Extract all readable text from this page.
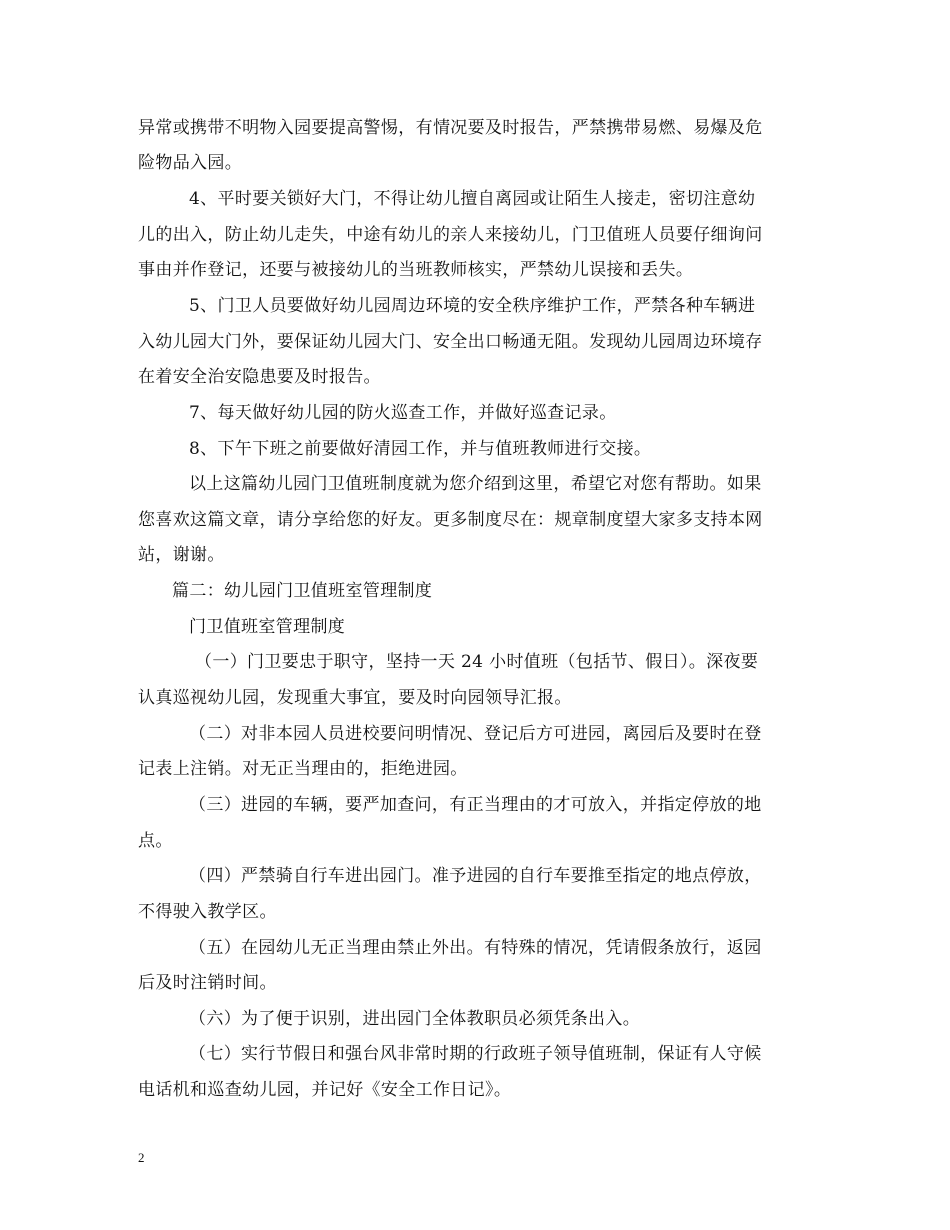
异常或携带不明物入园要提高警惕，有情况要及时报告，严禁携带易燃、易爆及危
险物品入园。
4、平时要关锁好大门，不得让幼儿擅自离园或让陌生人接走，密切注意幼
儿的出入，防止幼儿走失，中途有幼儿的亲人来接幼儿，门卫值班人员要仔细询问
事由并作登记，还要与被接幼儿的当班教师核实，严禁幼儿误接和丢失。
5、门卫人员要做好幼儿园周边环境的安全秩序维护工作，严禁各种车辆进
入幼儿园大门外，要保证幼儿园大门、安全出口畅通无阻。发现幼儿园周边环境存
在着安全治安隐患要及时报告。
7、每天做好幼儿园的防火巡查工作，并做好巡查记录。
8、下午下班之前要做好清园工作，并与值班教师进行交接。
以上这篇幼儿园门卫值班制度就为您介绍到这里，希望它对您有帮助。如果
您喜欢这篇文章，请分享给您的好友。更多制度尽在：规章制度望大家多支持本网
站，谢谢。
篇二：幼儿园门卫值班室管理制度
门卫值班室管理制度
（一）门卫要忠于职守，坚持一天 24 小时值班（包括节、假日）。深夜要
认真巡视幼儿园，发现重大事宜，要及时向园领导汇报。
（二）对非本园人员进校要问明情况、登记后方可进园，离园后及要时在登
记表上注销。对无正当理由的，拒绝进园。
（三）进园的车辆，要严加查问，有正当理由的才可放入，并指定停放的地
点。
（四）严禁骑自行车进出园门。准予进园的自行车要推至指定的地点停放，
不得驶入教学区。
（五）在园幼儿无正当理由禁止外出。有特殊的情况，凭请假条放行，返园
后及时注销时间。
（六）为了便于识别，进出园门全体教职员必须凭条出入。
（七）实行节假日和强台风非常时期的行政班子领导值班制，保证有人守候
电话机和巡查幼儿园，并记好《安全工作日记》。
2
